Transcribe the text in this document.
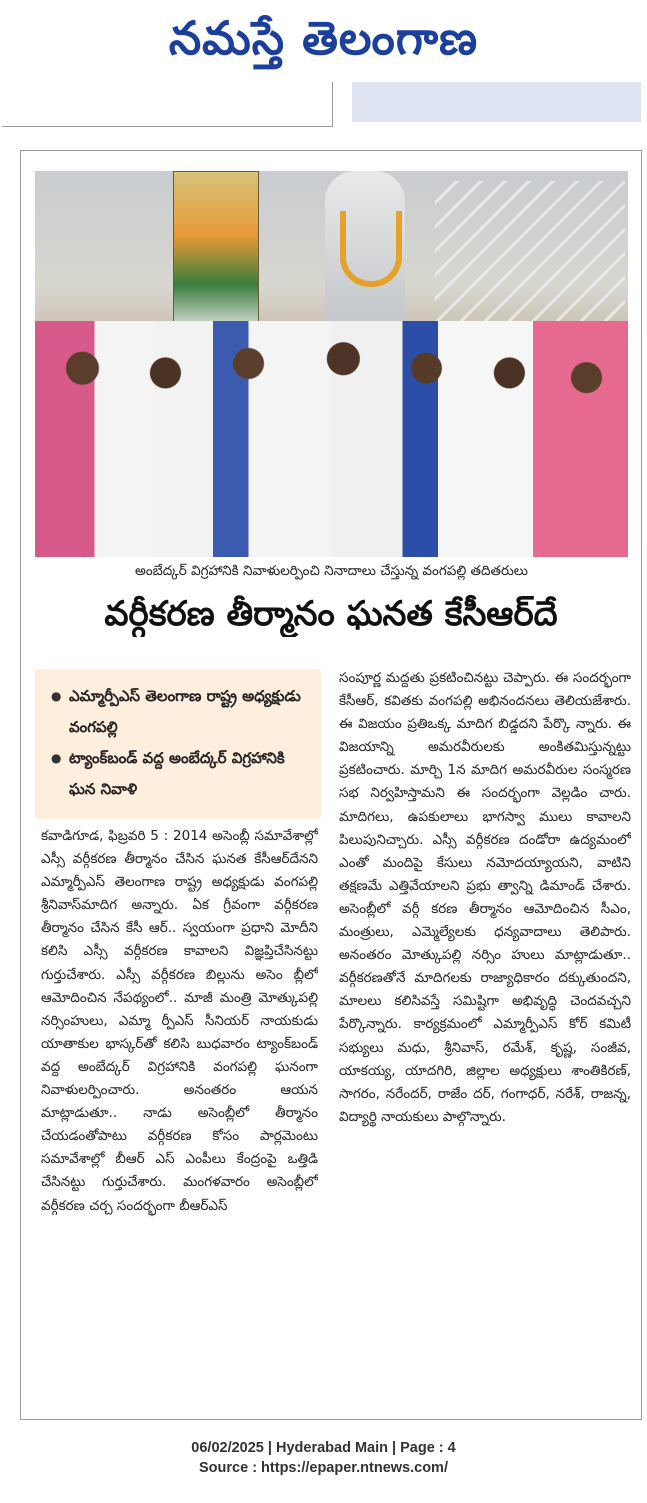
నమస్తే తెలంగాణ
అంబేద్కర్ విగ్రహానికి నివాళులర్పించి నినాదాలు చేస్తున్న వంగపల్లి తదితరులు
వర్గీకరణ తీర్మానం ఘనత కేసీఆర్‌దే
● ఎమ్మార్పీఎస్ తెలంగాణ రాష్ట్ర అధ్యక్షుడు వంగపల్లి
● ట్యాంక్‌బండ్ వద్ద అంబేద్కర్ విగ్రహానికి ఘన నివాళి

కవాడిగూడ, ఫిబ్రవరి 5 : 2014 అసెంబ్లీ సమావేశాల్లో ఎస్సీ వర్గీకరణ తీర్మానం చేసిన ఘనత కేసీఆర్‌దేనని ఎమ్మార్పీఎస్ తెలంగాణ రాష్ట్ర అధ్యక్షుడు వంగపల్లి శ్రీనివాస్‌మాదిగ అన్నారు. ఏక గ్రీవంగా వర్గీకరణ తీర్మానం చేసిన కేసీ ఆర్.. స్వయంగా ప్రధాని మోదీని కలిసి ఎస్సీ వర్గీకరణ కావాలని విజ్ఞప్తిచేసినట్టు గుర్తుచేశారు. ఎస్సీ వర్గీకరణ బిల్లును అసెం బ్లీలో ఆమోదించిన నేపథ్యంలో.. మాజీ మంత్రి మోత్కుపల్లి నర్సింహులు, ఎమ్మా ర్పీఎస్ సీనియర్ నాయకుడు యాతాకుల భాస్కర్‌తో కలిసి బుధవారం ట్యాంక్‌బండ్ వద్ద అంబేద్కర్ విగ్రహానికి వంగపల్లి ఘనంగా నివాళులర్పించారు. అనంతరం ఆయన మాట్లాడుతూ.. నాడు అసెంబ్లీలో తీర్మానం చేయడంతోపాటు వర్గీకరణ కోసం పార్లమెంటు సమావేశాల్లో బీఆర్ ఎస్ ఎంపీలు కేంద్రంపై ఒత్తిడి చేసినట్టు గుర్తుచేశారు. మంగళవారం అసెంబ్లీలో వర్గీకరణ చర్చ సందర్భంగా బీఆర్‌ఎస్

సంపూర్ణ మద్దతు ప్రకటించినట్టు చెప్పారు. ఈ సందర్భంగా కేసీఆర్, కవితకు వంగపల్లి అభినందనలు తెలియజేశారు. ఈ విజయం ప్రతిఒక్క మాదిగ బిడ్డదని పేర్కొ న్నారు. ఈ విజయాన్ని అమరవీరులకు అంకితమిస్తున్నట్టు ప్రకటించారు. మార్చి 1న మాదిగ అమరవీరుల సంస్మరణ సభ నిర్వహిస్తామని ఈ సందర్భంగా వెల్లడిం చారు. మాదిగలు, ఉపకులాలు భాగస్వా ములు కావాలని పిలుపునిచ్చారు. ఎస్సీ వర్గీకరణ దండోరా ఉద్యమంలో ఎంతో మందిపై కేసులు నమోదయ్యాయని, వాటిని తక్షణమే ఎత్తివేయాలని ప్రభు త్వాన్ని డిమాండ్ చేశారు. అసెంబ్లీలో వర్గీ కరణ తీర్మానం ఆమోదించిన సీఎం, మంత్రులు, ఎమ్మెల్యేలకు ధన్యవాదాలు తెలిపారు. అనంతరం మోత్కుపల్లి నర్సిం హులు మాట్లాడుతూ.. వర్గీకరణతోనే మాదిగలకు రాజ్యాధికారం దక్కుతుందని, మాలలు కలిసివస్తే సమిష్టిగా అభివృద్ధి చెందవచ్చని పేర్కొన్నారు. కార్యక్రమంలో ఎమ్మార్పీఎస్ కోర్ కమిటీ సభ్యులు మధు, శ్రీనివాస్, రమేశ్, కృష్ణ, సంజీవ, యాకయ్య, యాదగిరి, జిల్లాల అధ్యక్షులు శాంతికిరణ్, సాగరం, నరేందర్, రాజేం దర్, గంగాధర్, నరేశ్, రాజన్న, విద్యార్థి నాయకులు పాల్గొన్నారు.

06/02/2025 | Hyderabad Main | Page : 4
Source : https://epaper.ntnews.com/
